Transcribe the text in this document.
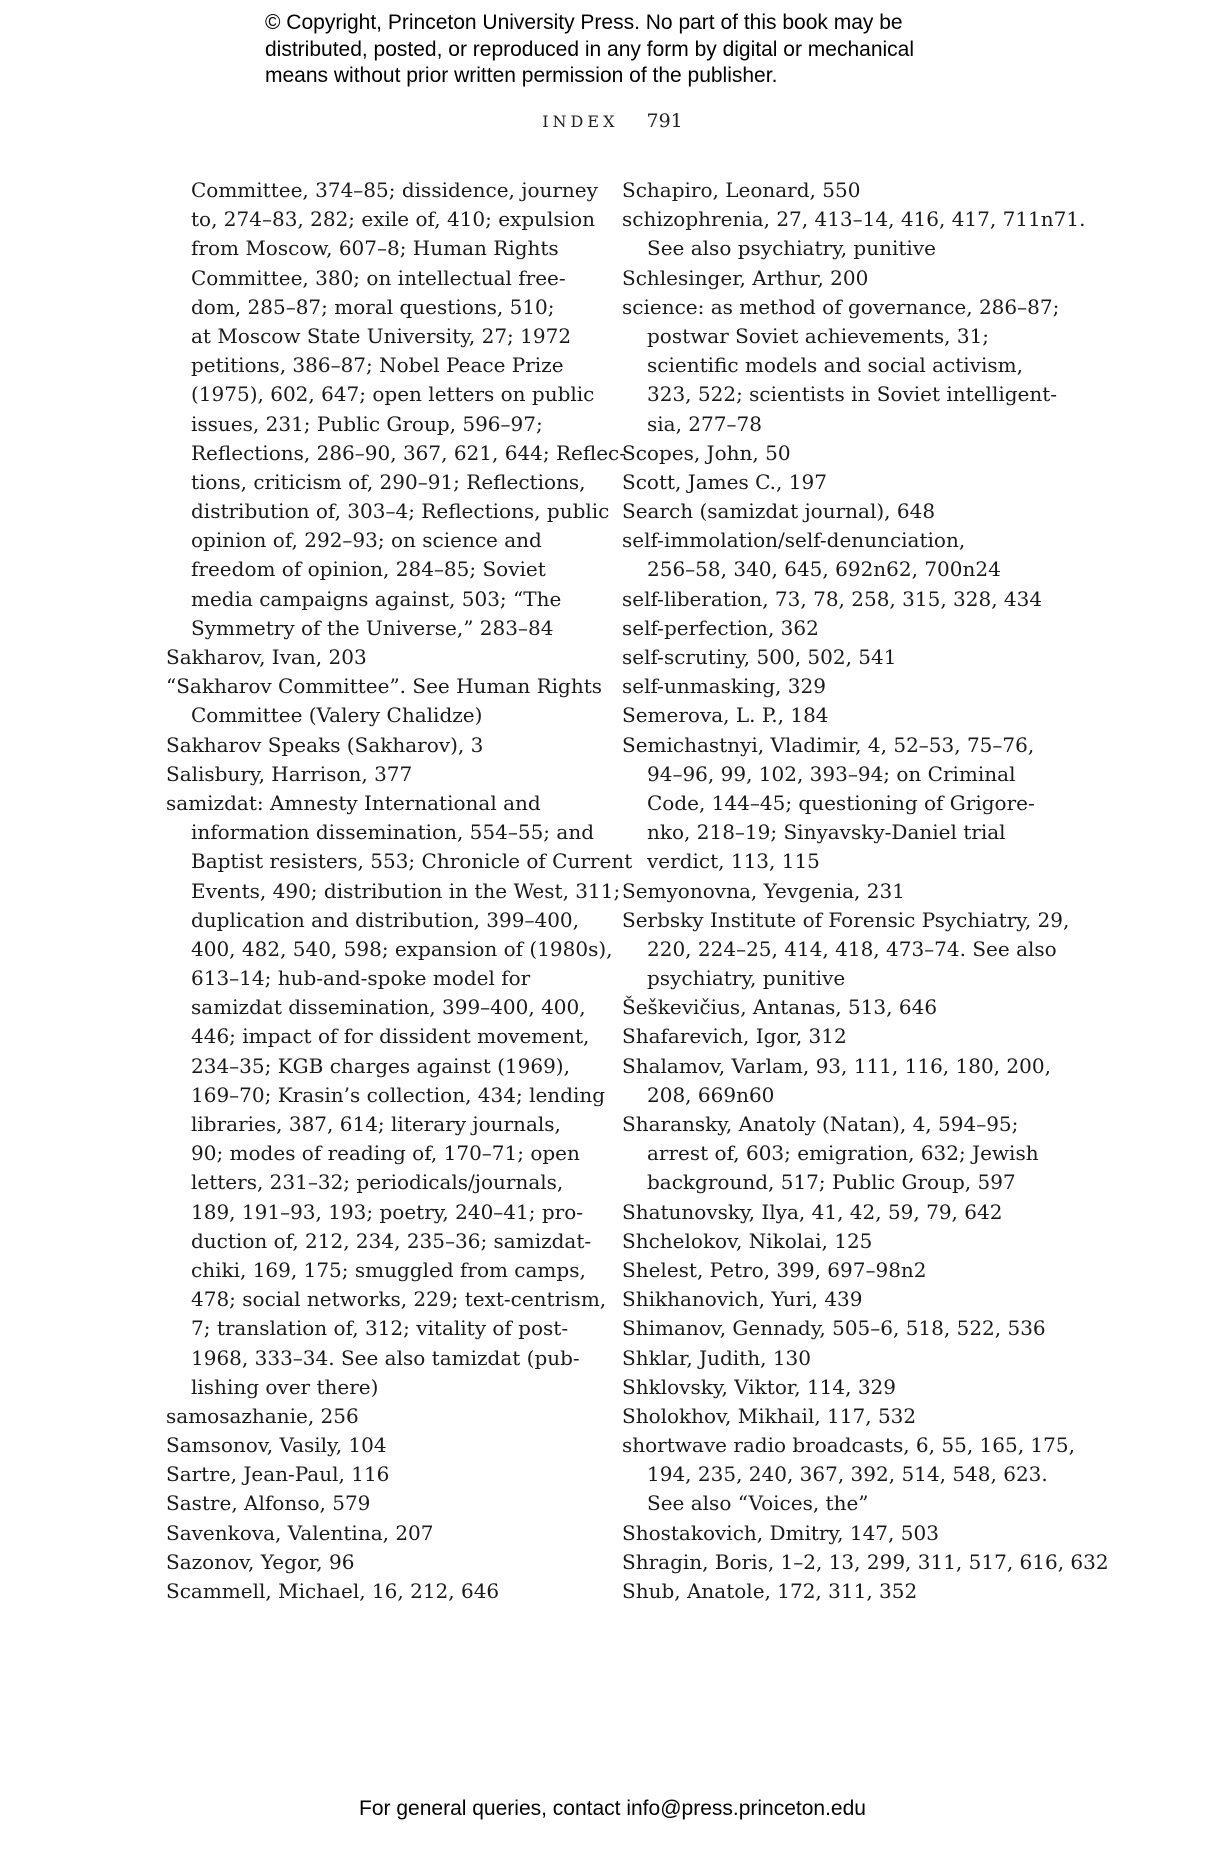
© Copyright, Princeton University Press. No part of this book may be
distributed, posted, or reproduced in any form by digital or mechanical
means without prior written permission of the publisher.
INDEX 791
Committee, 374–85; dissidence, journey
to, 274–83, 282; exile of, 410; expulsion
from Moscow, 607–8; Human Rights
Committee, 380; on intellectual free-
dom, 285–87; moral questions, 510;
at Moscow State University, 27; 1972
petitions, 386–87; Nobel Peace Prize
(1975), 602, 647; open letters on public
issues, 231; Public Group, 596–97;
Reflections, 286–90, 367, 621, 644; Reflec-
tions, criticism of, 290–91; Reflections,
distribution of, 303–4; Reflections, public
opinion of, 292–93; on science and
freedom of opinion, 284–85; Soviet
media campaigns against, 503; “The
Symmetry of the Universe,” 283–84
Sakharov, Ivan, 203
“Sakharov Committee”. See Human Rights
Committee (Valery Chalidze)
Sakharov Speaks (Sakharov), 3
Salisbury, Harrison, 377
samizdat: Amnesty International and
information dissemination, 554–55; and
Baptist resisters, 553; Chronicle of Current
Events, 490; distribution in the West, 311;
duplication and distribution, 399–400,
400, 482, 540, 598; expansion of (1980s),
613–14; hub-and-spoke model for
samizdat dissemination, 399–400, 400,
446; impact of for dissident movement,
234–35; KGB charges against (1969),
169–70; Krasin’s collection, 434; lending
libraries, 387, 614; literary journals,
90; modes of reading of, 170–71; open
letters, 231–32; periodicals/journals,
189, 191–93, 193; poetry, 240–41; pro-
duction of, 212, 234, 235–36; samizdat-
chiki, 169, 175; smuggled from camps,
478; social networks, 229; text-centrism,
7; translation of, 312; vitality of post-
1968, 333–34. See also tamizdat (pub-
lishing over there)
samosazhanie, 256
Samsonov, Vasily, 104
Sartre, Jean-Paul, 116
Sastre, Alfonso, 579
Savenkova, Valentina, 207
Sazonov, Yegor, 96
Scammell, Michael, 16, 212, 646
Schapiro, Leonard, 550
schizophrenia, 27, 413–14, 416, 417, 711n71.
See also psychiatry, punitive
Schlesinger, Arthur, 200
science: as method of governance, 286–87;
postwar Soviet achievements, 31;
scientific models and social activism,
323, 522; scientists in Soviet intelligent-
sia, 277–78
Scopes, John, 50
Scott, James C., 197
Search (samizdat journal), 648
self-immolation/self-denunciation,
256–58, 340, 645, 692n62, 700n24
self-liberation, 73, 78, 258, 315, 328, 434
self-perfection, 362
self-scrutiny, 500, 502, 541
self-unmasking, 329
Semerova, L. P., 184
Semichastnyi, Vladimir, 4, 52–53, 75–76,
94–96, 99, 102, 393–94; on Criminal
Code, 144–45; questioning of Grigore-
nko, 218–19; Sinyavsky-Daniel trial
verdict, 113, 115
Semyonovna, Yevgenia, 231
Serbsky Institute of Forensic Psychiatry, 29,
220, 224–25, 414, 418, 473–74. See also
psychiatry, punitive
Šeškevičius, Antanas, 513, 646
Shafarevich, Igor, 312
Shalamov, Varlam, 93, 111, 116, 180, 200,
208, 669n60
Sharansky, Anatoly (Natan), 4, 594–95;
arrest of, 603; emigration, 632; Jewish
background, 517; Public Group, 597
Shatunovsky, Ilya, 41, 42, 59, 79, 642
Shchelokov, Nikolai, 125
Shelest, Petro, 399, 697–98n2
Shikhanovich, Yuri, 439
Shimanov, Gennady, 505–6, 518, 522, 536
Shklar, Judith, 130
Shklovsky, Viktor, 114, 329
Sholokhov, Mikhail, 117, 532
shortwave radio broadcasts, 6, 55, 165, 175,
194, 235, 240, 367, 392, 514, 548, 623.
See also “Voices, the”
Shostakovich, Dmitry, 147, 503
Shragin, Boris, 1–2, 13, 299, 311, 517, 616, 632
Shub, Anatole, 172, 311, 352
For general queries, contact info@press.princeton.edu
